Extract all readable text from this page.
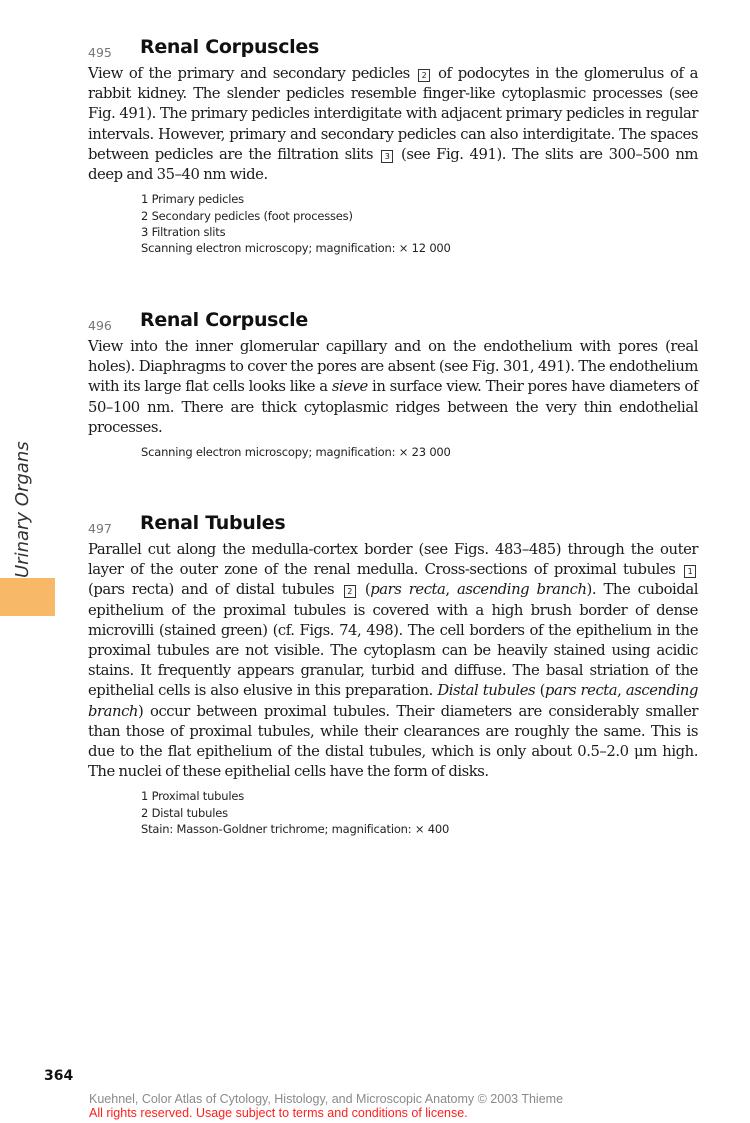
Urinary Organs
495 Renal Corpuscles

View of the primary and secondary pedicles 2 of podocytes in the glomerulus of a rabbit kidney. The slender pedicles resemble finger-like cytoplasmic processes (see Fig. 491). The primary pedicles interdigitate with adjacent primary pedicles in regular intervals. However, primary and secondary pedicles can also interdigitate. The spaces between pedicles are the filtration slits 3 (see Fig. 491). The slits are 300–500 nm deep and 35–40 nm wide.

1 Primary pedicles
2 Secondary pedicles (foot processes)
3 Filtration slits
Scanning electron microscopy; magnification: × 12 000
496 Renal Corpuscle

View into the inner glomerular capillary and on the endothelium with pores (real holes). Diaphragms to cover the pores are absent (see Fig. 301, 491). The endothelium with its large flat cells looks like a sieve in surface view. Their pores have diameters of 50–100 nm. There are thick cytoplasmic ridges between the very thin endothelial processes.

Scanning electron microscopy; magnification: × 23 000
497 Renal Tubules

Parallel cut along the medulla-cortex border (see Figs. 483–485) through the outer layer of the outer zone of the renal medulla. Cross-sections of proximal tubules 1 (pars recta) and of distal tubules 2 (pars recta, ascending branch). The cuboidal epithelium of the proximal tubules is covered with a high brush border of dense microvilli (stained green) (cf. Figs. 74, 498). The cell borders of the epithelium in the proximal tubules are not visible. The cytoplasm can be heavily stained using acidic stains. It frequently appears granular, turbid and diffuse. The basal striation of the epithelial cells is also elusive in this preparation. Distal tubules (pars recta, ascending branch) occur between proximal tubules. Their diameters are considerably smaller than those of proximal tubules, while their clearances are roughly the same. This is due to the flat epithelium of the distal tubules, which is only about 0.5–2.0 μm high. The nuclei of these epithelial cells have the form of disks.

1 Proximal tubules
2 Distal tubules
Stain: Masson-Goldner trichrome; magnification: × 400
364
Kuehnel, Color Atlas of Cytology, Histology, and Microscopic Anatomy © 2003 Thieme
All rights reserved. Usage subject to terms and conditions of license.
